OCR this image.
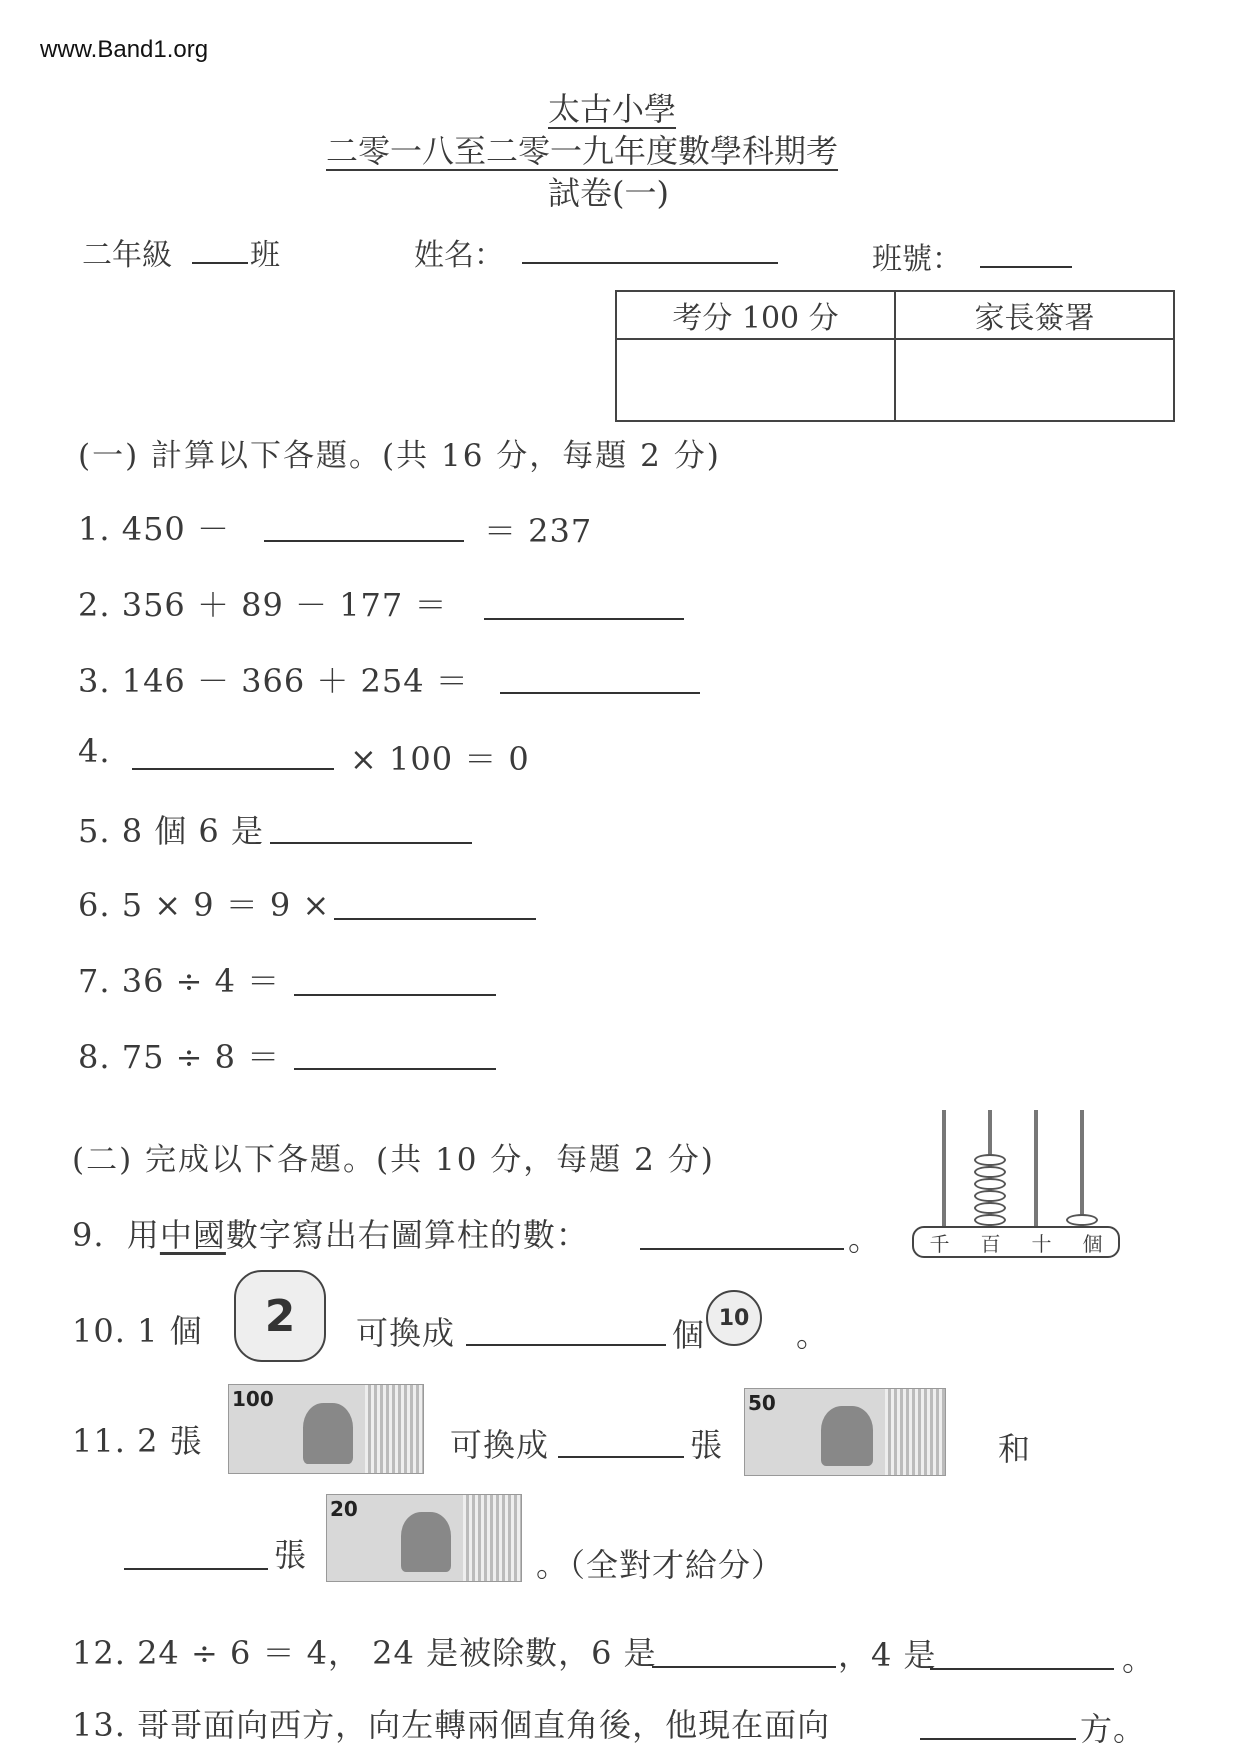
www.Band1.org
太古小學
二零一八至二零一九年度數學科期考
試卷(一)
二年級	班	姓名：	班號：
考分 100 分	家長簽署

(一) 計算以下各題。(共 16 分，每題 2 分)
1. 450 －	＝ 237
2. 356 ＋ 89 － 177 ＝
3. 146 － 366 ＋ 254 ＝
4.	× 100 ＝ 0
5. 8 個 6 是
6. 5 × 9 ＝ 9 ×
7. 36 ÷ 4 ＝
8. 75 ÷ 8 ＝
(二) 完成以下各題。(共 10 分，每題 2 分)
9. 用中國數字寫出右圖算柱的數：	。 千 百 十 個
10. 1 個 2 可換成	個 10 。
11. 2 張
100
可換成	張
50
和
張
20
。（全對才給分）
12. 24 ÷ 6 ＝ 4， 24 是被除數，6 是	，4 是	。
13. 哥哥面向西方，向左轉兩個直角後，他現在面向	方。
